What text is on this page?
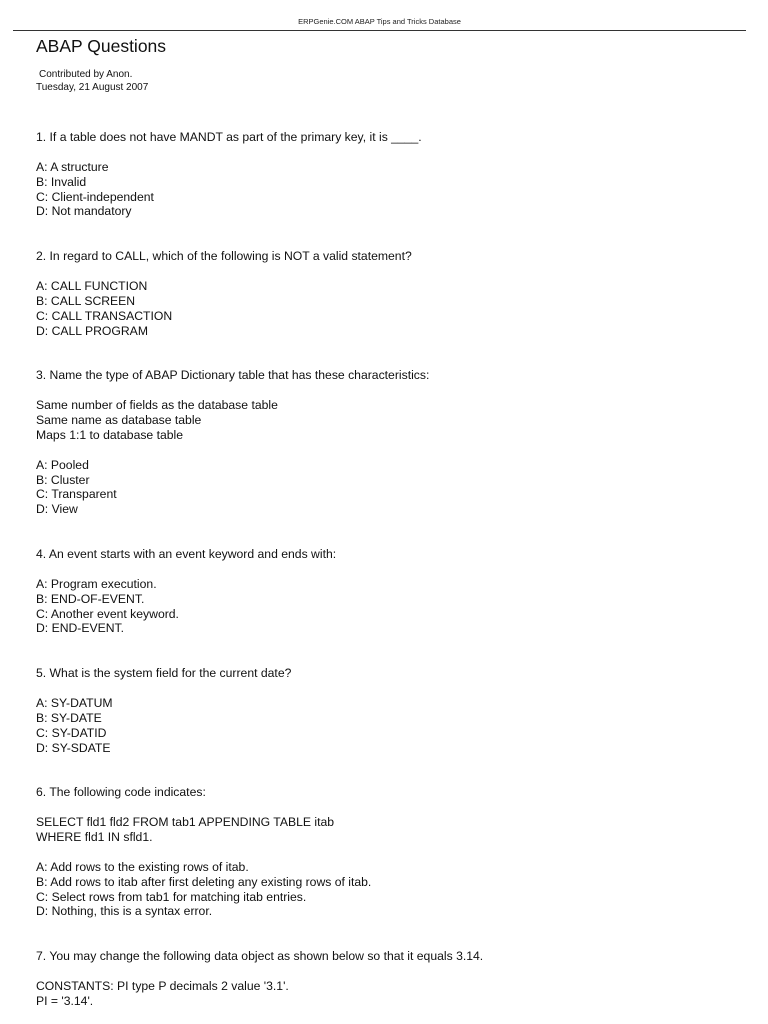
ERPGenie.COM ABAP Tips and Tricks Database
ABAP Questions
Contributed by Anon.
Tuesday, 21 August 2007
1. If a table does not have MANDT as part of the primary key, it is ____.
A: A structure
B: Invalid
C: Client-independent
D: Not mandatory
2. In regard to CALL, which of the following is NOT a valid statement?
A: CALL FUNCTION
B: CALL SCREEN
C: CALL TRANSACTION
D: CALL PROGRAM
3. Name the type of ABAP Dictionary table that has these characteristics:
Same number of fields as the database table
Same name as database table
Maps 1:1 to database table
A: Pooled
B: Cluster
C: Transparent
D: View
4. An event starts with an event keyword and ends with:
A: Program execution.
B: END-OF-EVENT.
C: Another event keyword.
D: END-EVENT.
5. What is the system field for the current date?
A: SY-DATUM
B: SY-DATE
C: SY-DATID
D: SY-SDATE
6. The following code indicates:
SELECT fld1 fld2 FROM tab1 APPENDING TABLE itab
WHERE fld1 IN sfld1.
A: Add rows to the existing rows of itab.
B: Add rows to itab after first deleting any existing rows of itab.
C: Select rows from tab1 for matching itab entries.
D: Nothing, this is a syntax error.
7. You may change the following data object as shown below so that it equals 3.14.
CONSTANTS: PI type P decimals 2 value '3.1'.
PI = '3.14'.
